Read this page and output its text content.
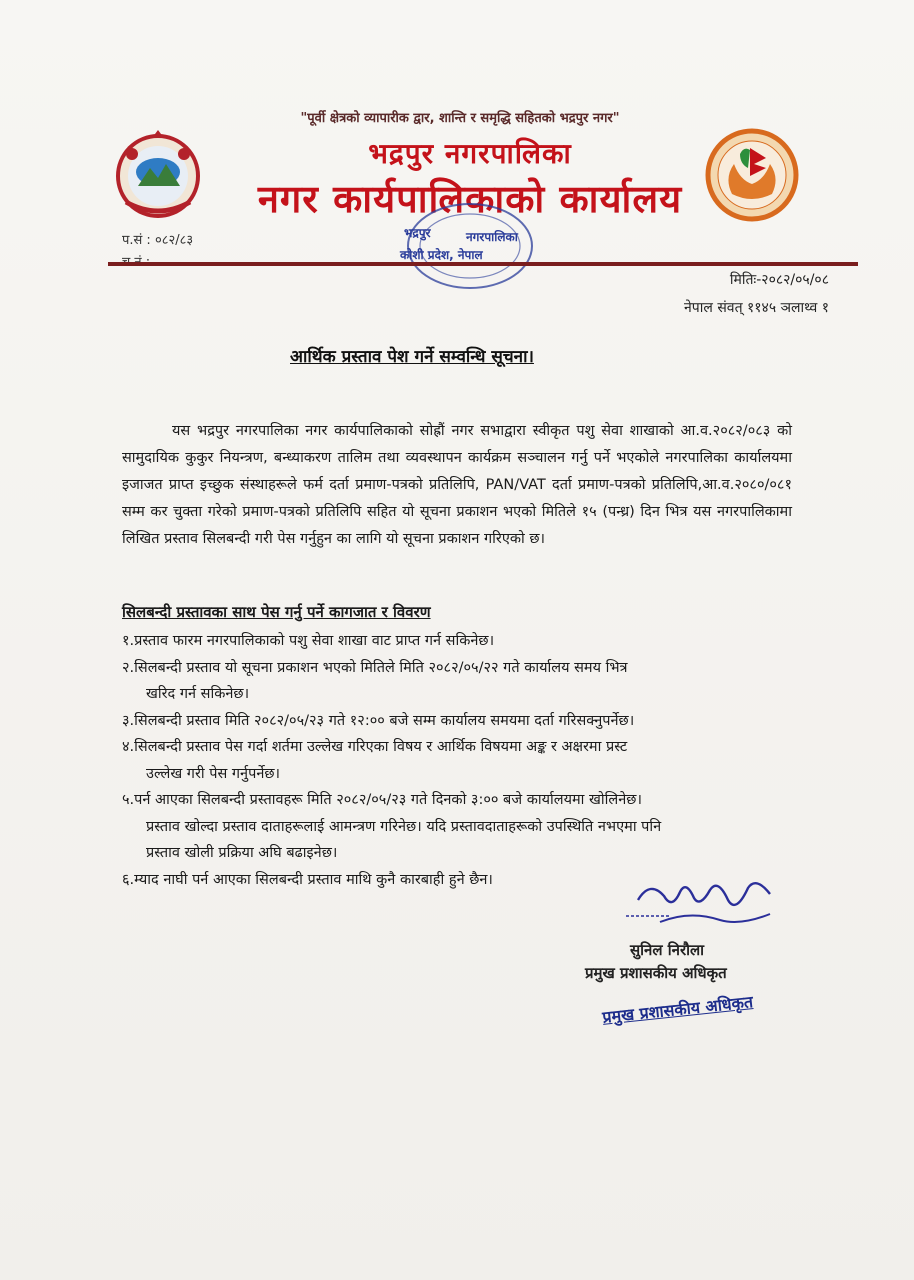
"पूर्वी क्षेत्रको व्यापारीक द्वार, शान्ति र समृद्धि सहितको भद्रपुर नगर"
भद्रपुर नगरपालिका
नगर कार्यपालिकाको कार्यालय
प.सं : ०८२/८३	भद्रपुर	नगरपालिका
कोशी प्रदेश, नेपाल
मितिः-२०८२/०५/०८
नेपाल संवत् ११४५ ञलाथ्व १
आर्थिक प्रस्ताव पेश गर्ने सम्वन्धि सूचना।

यस भद्रपुर नगरपालिका नगर कार्यपालिकाको सोह्रौं नगर सभाद्वारा स्वीकृत पशु सेवा शाखाको आ.व.२०८२/०८३ को सामुदायिक कुकुर नियन्त्रण, बन्ध्याकरण तालिम तथा व्यवस्थापन कार्यक्रम सञ्चालन गर्नु पर्ने भएकोले नगरपालिका कार्यालयमा इजाजत प्राप्त इच्छुक संस्थाहरूले फर्म दर्ता प्रमाण-पत्रको प्रतिलिपि, PAN/VAT दर्ता प्रमाण-पत्रको प्रतिलिपि,आ.व.२०८०/०८१ सम्म कर चुक्ता गरेको प्रमाण-पत्रको प्रतिलिपि सहित यो सूचना प्रकाशन भएको मितिले १५ (पन्ध्र) दिन भित्र यस नगरपालिकामा लिखित प्रस्ताव सिलबन्दी गरी पेस गर्नुहुन का लागि यो सूचना प्रकाशन गरिएको छ।

सिलबन्दी प्रस्तावका साथ पेस गर्नु पर्ने कागजात र विवरण

१.प्रस्ताव फारम नगरपालिकाको पशु सेवा शाखा वाट प्राप्त गर्न सकिनेछ।

२.सिलबन्दी प्रस्ताव यो सूचना प्रकाशन भएको मितिले मिति २०८२/०५/२२ गते कार्यालय समय भित्र
खरिद गर्न सकिनेछ।

३.सिलबन्दी प्रस्ताव मिति २०८२/०५/२३ गते १२:०० बजे सम्म कार्यालय समयमा दर्ता गरिसक्नुपर्नेछ।

४.सिलबन्दी प्रस्ताव पेस गर्दा शर्तमा उल्लेख गरिएका विषय र आर्थिक विषयमा अङ्क र अक्षरमा प्रस्ट
उल्लेख गरी पेस गर्नुपर्नेछ।

५.पर्न आएका सिलबन्दी प्रस्तावहरू मिति २०८२/०५/२३ गते दिनको ३:०० बजे कार्यालयमा खोलिनेछ।
प्रस्ताव खोल्दा प्रस्ताव दाताहरूलाई आमन्त्रण गरिनेछ। यदि प्रस्तावदाताहरूको उपस्थिति नभएमा पनि
प्रस्ताव खोली प्रक्रिया अघि बढाइनेछ।

६.म्याद नाघी पर्न आएका सिलबन्दी प्रस्ताव माथि कुनै कारबाही हुने छैन।

सुनिल निरौला
प्रमुख प्रशासकीय अधिकृत
प्रमुख प्रशासकीय अधिकृत
